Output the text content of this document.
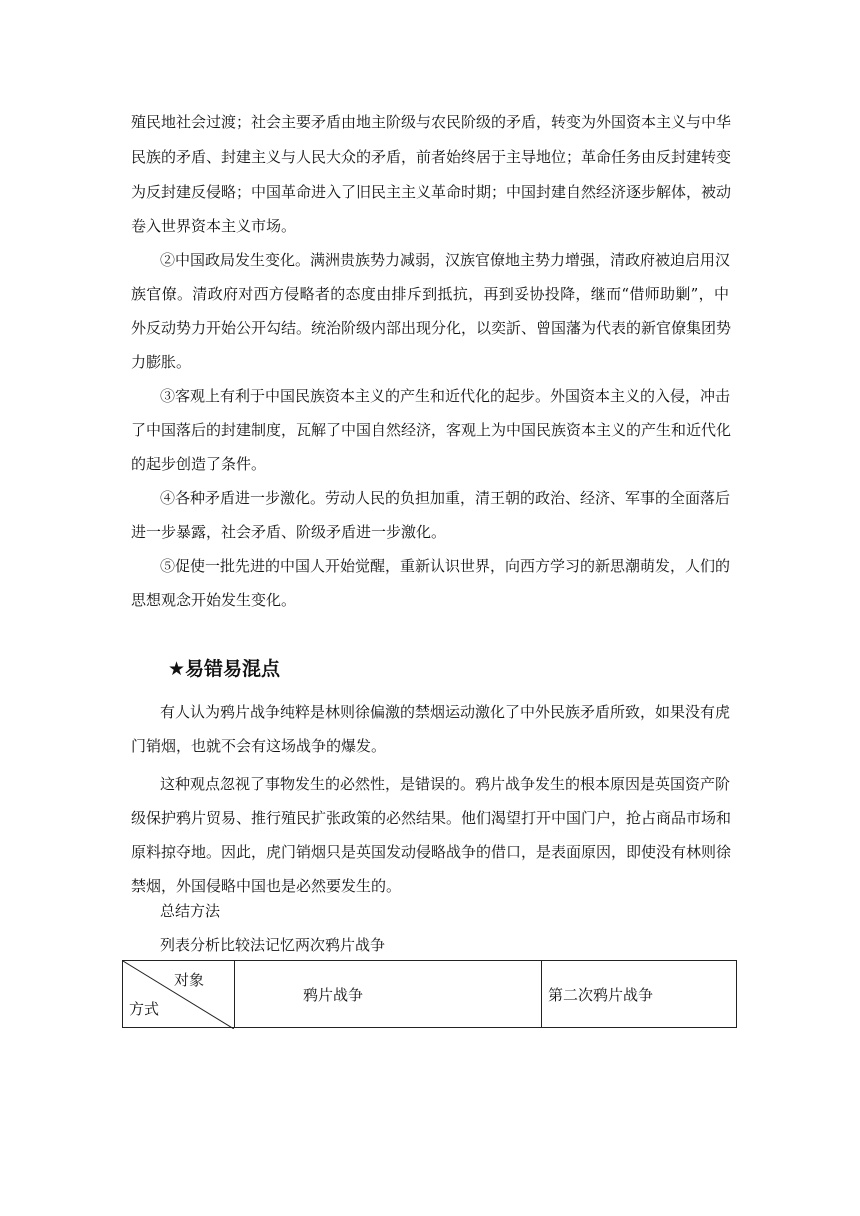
殖民地社会过渡；社会主要矛盾由地主阶级与农民阶级的矛盾，转变为外国资本主义与中华
民族的矛盾、封建主义与人民大众的矛盾，前者始终居于主导地位；革命任务由反封建转变
为反封建反侵略；中国革命进入了旧民主主义革命时期；中国封建自然经济逐步解体，被动
卷入世界资本主义市场。
②中国政局发生变化。满洲贵族势力减弱，汉族官僚地主势力增强，清政府被迫启用汉
族官僚。清政府对西方侵略者的态度由排斥到抵抗，再到妥协投降，继而“借师助剿”，中
外反动势力开始公开勾结。统治阶级内部出现分化，以奕訢、曾国藩为代表的新官僚集团势
力膨胀。
③客观上有利于中国民族资本主义的产生和近代化的起步。外国资本主义的入侵，冲击
了中国落后的封建制度，瓦解了中国自然经济，客观上为中国民族资本主义的产生和近代化
的起步创造了条件。
④各种矛盾进一步激化。劳动人民的负担加重，清王朝的政治、经济、军事的全面落后
进一步暴露，社会矛盾、阶级矛盾进一步激化。
⑤促使一批先进的中国人开始觉醒，重新认识世界，向西方学习的新思潮萌发，人们的
思想观念开始发生变化。
★易错易混点
有人认为鸦片战争纯粹是林则徐偏激的禁烟运动激化了中外民族矛盾所致，如果没有虎
门销烟，也就不会有这场战争的爆发。
这种观点忽视了事物发生的必然性，是错误的。鸦片战争发生的根本原因是英国资产阶
级保护鸦片贸易、推行殖民扩张政策的必然结果。他们渴望打开中国门户，抢占商品市场和
原料掠夺地。因此，虎门销烟只是英国发动侵略战争的借口，是表面原因，即使没有林则徐
禁烟，外国侵略中国也是必然要发生的。
总结方法
列表分析比较法记忆两次鸦片战争
对象
方式
	鸦片战争	第二次鸦片战争
